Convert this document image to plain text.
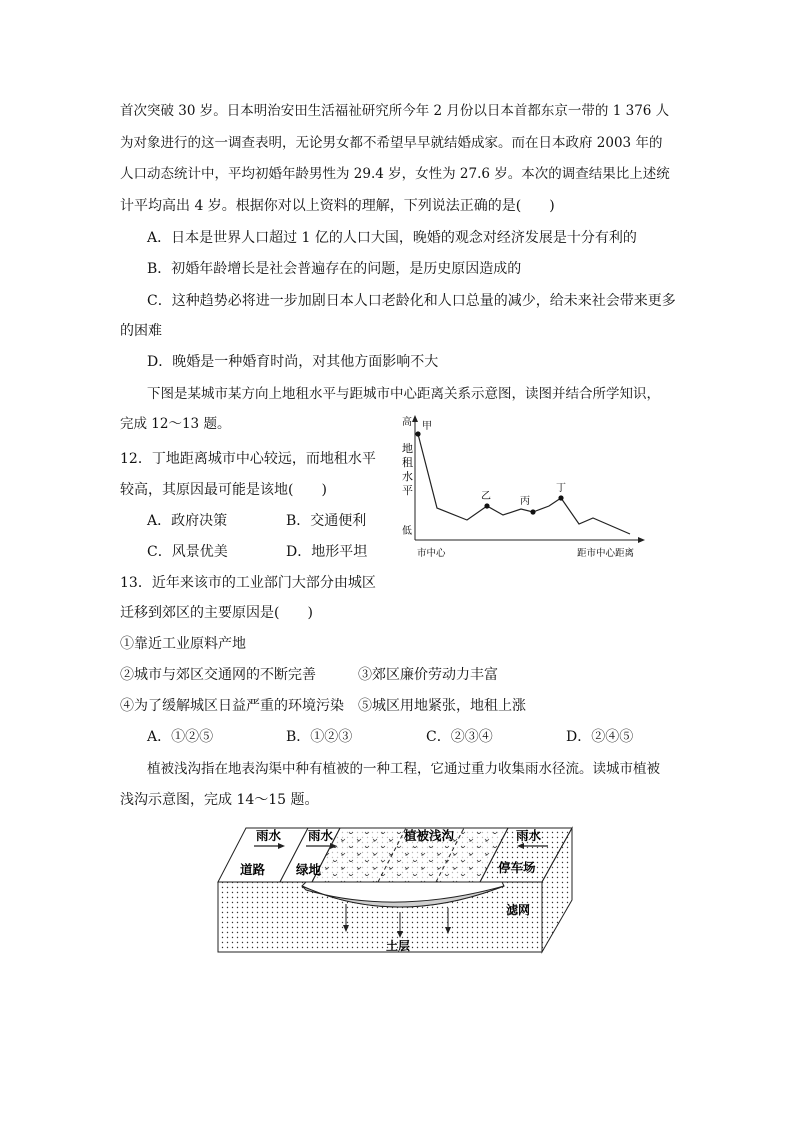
首次突破 30 岁。日本明治安田生活福祉研究所今年 2 月份以日本首都东京一带的 1 376 人
为对象进行的这一调查表明，无论男女都不希望早早就结婚成家。而在日本政府 2003 年的
人口动态统计中，平均初婚年龄男性为 29.4 岁，女性为 27.6 岁。本次的调查结果比上述统
计平均高出 4 岁。根据你对以上资料的理解，下列说法正确的是(　　)
A．日本是世界人口超过 1 亿的人口大国，晚婚的观念对经济发展是十分有利的
B．初婚年龄增长是社会普遍存在的问题，是历史原因造成的
C．这种趋势必将进一步加剧日本人口老龄化和人口总量的减少，给未来社会带来更多
的困难
D．晚婚是一种婚育时尚，对其他方面影响不大
下图是某城市某方向上地租水平与距城市中心距离关系示意图，读图并结合所学知识，
完成 12～13 题。
12．丁地距离城市中心较远，而地租水平
较高，其原因最可能是该地(　　)
A．政府决策	B．交通便利
C．风景优美	D．地形平坦
高
低
地
租
水
平
甲
乙	丙
丁
市中心	距市中心距离
13．近年来该市的工业部门大部分由城区
迁移到郊区的主要原因是(　　)
①靠近工业原料产地
②城市与郊区交通网的不断完善	③郊区廉价劳动力丰富
④为了缓解城区日益严重的环境污染 ⑤城区用地紧张，地租上涨
A．①②⑤	B．①②③	C．②③④	D．②④⑤
植被浅沟指在地表沟渠中种有植被的一种工程，它通过重力收集雨水径流。读城市植被
浅沟示意图，完成 14～15 题。
雨水 雨水	雨水
道路 绿地
植被浅沟
停车场
滤网
土层
